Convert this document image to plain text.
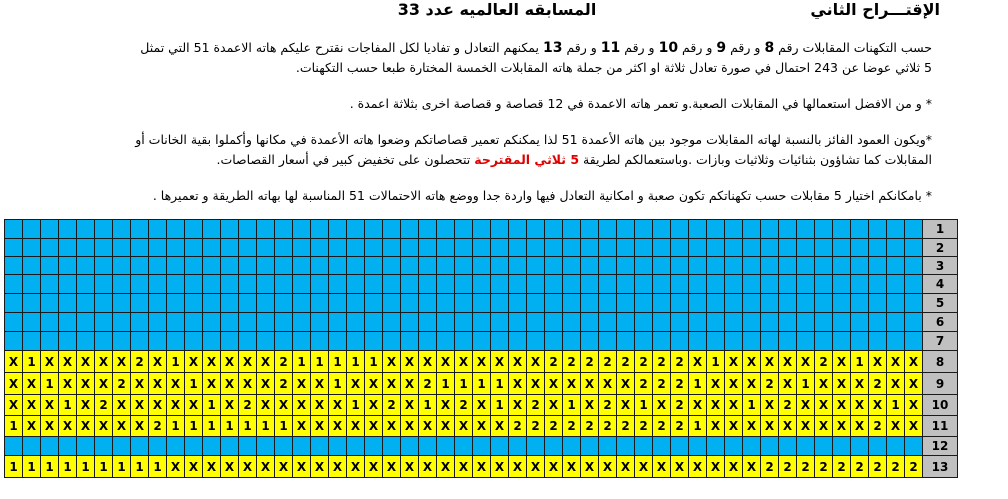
المسابقه العالميه عدد 33	الإقتـــراح الثاني
حسب التكهنات المقابلات رقم 8 و رقم 9 و رقم 10 و رقم 11 و رقم 13 يمكنهم التعادل و تفاديا لكل المفاجات نقترح عليكم هاته الاعمدة 51 التي تمثل
5 ثلاثي عوضا عن 243 احتمال في صورة تعادل ثلاثة او اكثر من جملة هاته المقابلات الخمسة المختارة طبعا حسب التكهنات.
* و من الافضل استعمالها في المقابلات الصعبة.و تعمر هاته الاعمدة في 12 قصاصة و قصاصة اخرى بثلاثة اعمدة .
*ويكون العمود الفائز بالنسبة لهاته المقابلات موجود بين هاته الأعمدة 51 لذا يمكنكم تعمير قصاصاتكم وضعوا هاته الأعمدة في مكانها وأكملوا بقية الخانات أو
المقابلات كما تشاؤون بثنائيات وثلاثيات وبازات .وباستعمالكم لطريقة 5 ثلاثي المقترحة تتحصلون على تخفيض كبير في أسعار القصاصات.
* بامكانكم اختيار 5 مقابلات حسب تكهناتكم تكون صعبة و امكانية التعادل فيها واردة جدا ووضع هاته الاحتمالات 51 المناسبة لها بهاته الطريقة و تعميرها .
																																																			1
																																																			2
																																																			3
																																																			4
																																																			5
																																																			6
																																																			7
X	1	X	X	X	X	X	2	X	1	X	X	X	X	X	2	1	1	1	1	1	X	X	X	X	X	X	X	X	X	2	2	2	2	2	2	2	2	X	1	X	X	X	X	X	2	X	1	X	X	X	8
X	X	1	X	X	X	2	X	X	X	1	X	X	X	X	2	X	X	1	X	X	X	X	2	1	1	1	1	X	X	X	X	X	X	X	2	2	2	1	X	X	X	2	X	1	X	X	X	2	X	X	9
X	X	X	1	X	2	X	X	X	X	X	1	X	2	X	X	X	X	X	1	X	2	X	1	X	2	X	1	X	2	X	1	X	2	X	1	X	2	X	X	X	1	X	2	X	X	X	X	X	1	X	10
1	X	X	X	X	X	X	X	2	1	1	1	1	1	1	1	X	X	X	X	X	X	X	X	X	X	X	X	2	2	2	2	2	2	2	2	2	2	1	X	X	X	X	X	X	X	X	X	2	X	X	11
																																																			12
1	1	1	1	1	1	1	1	1	X	X	X	X	X	X	X	X	X	X	X	X	X	X	X	X	X	X	X	X	X	X	X	X	X	X	X	X	X	X	X	X	X	2	2	2	2	2	2	2	2	2	13
